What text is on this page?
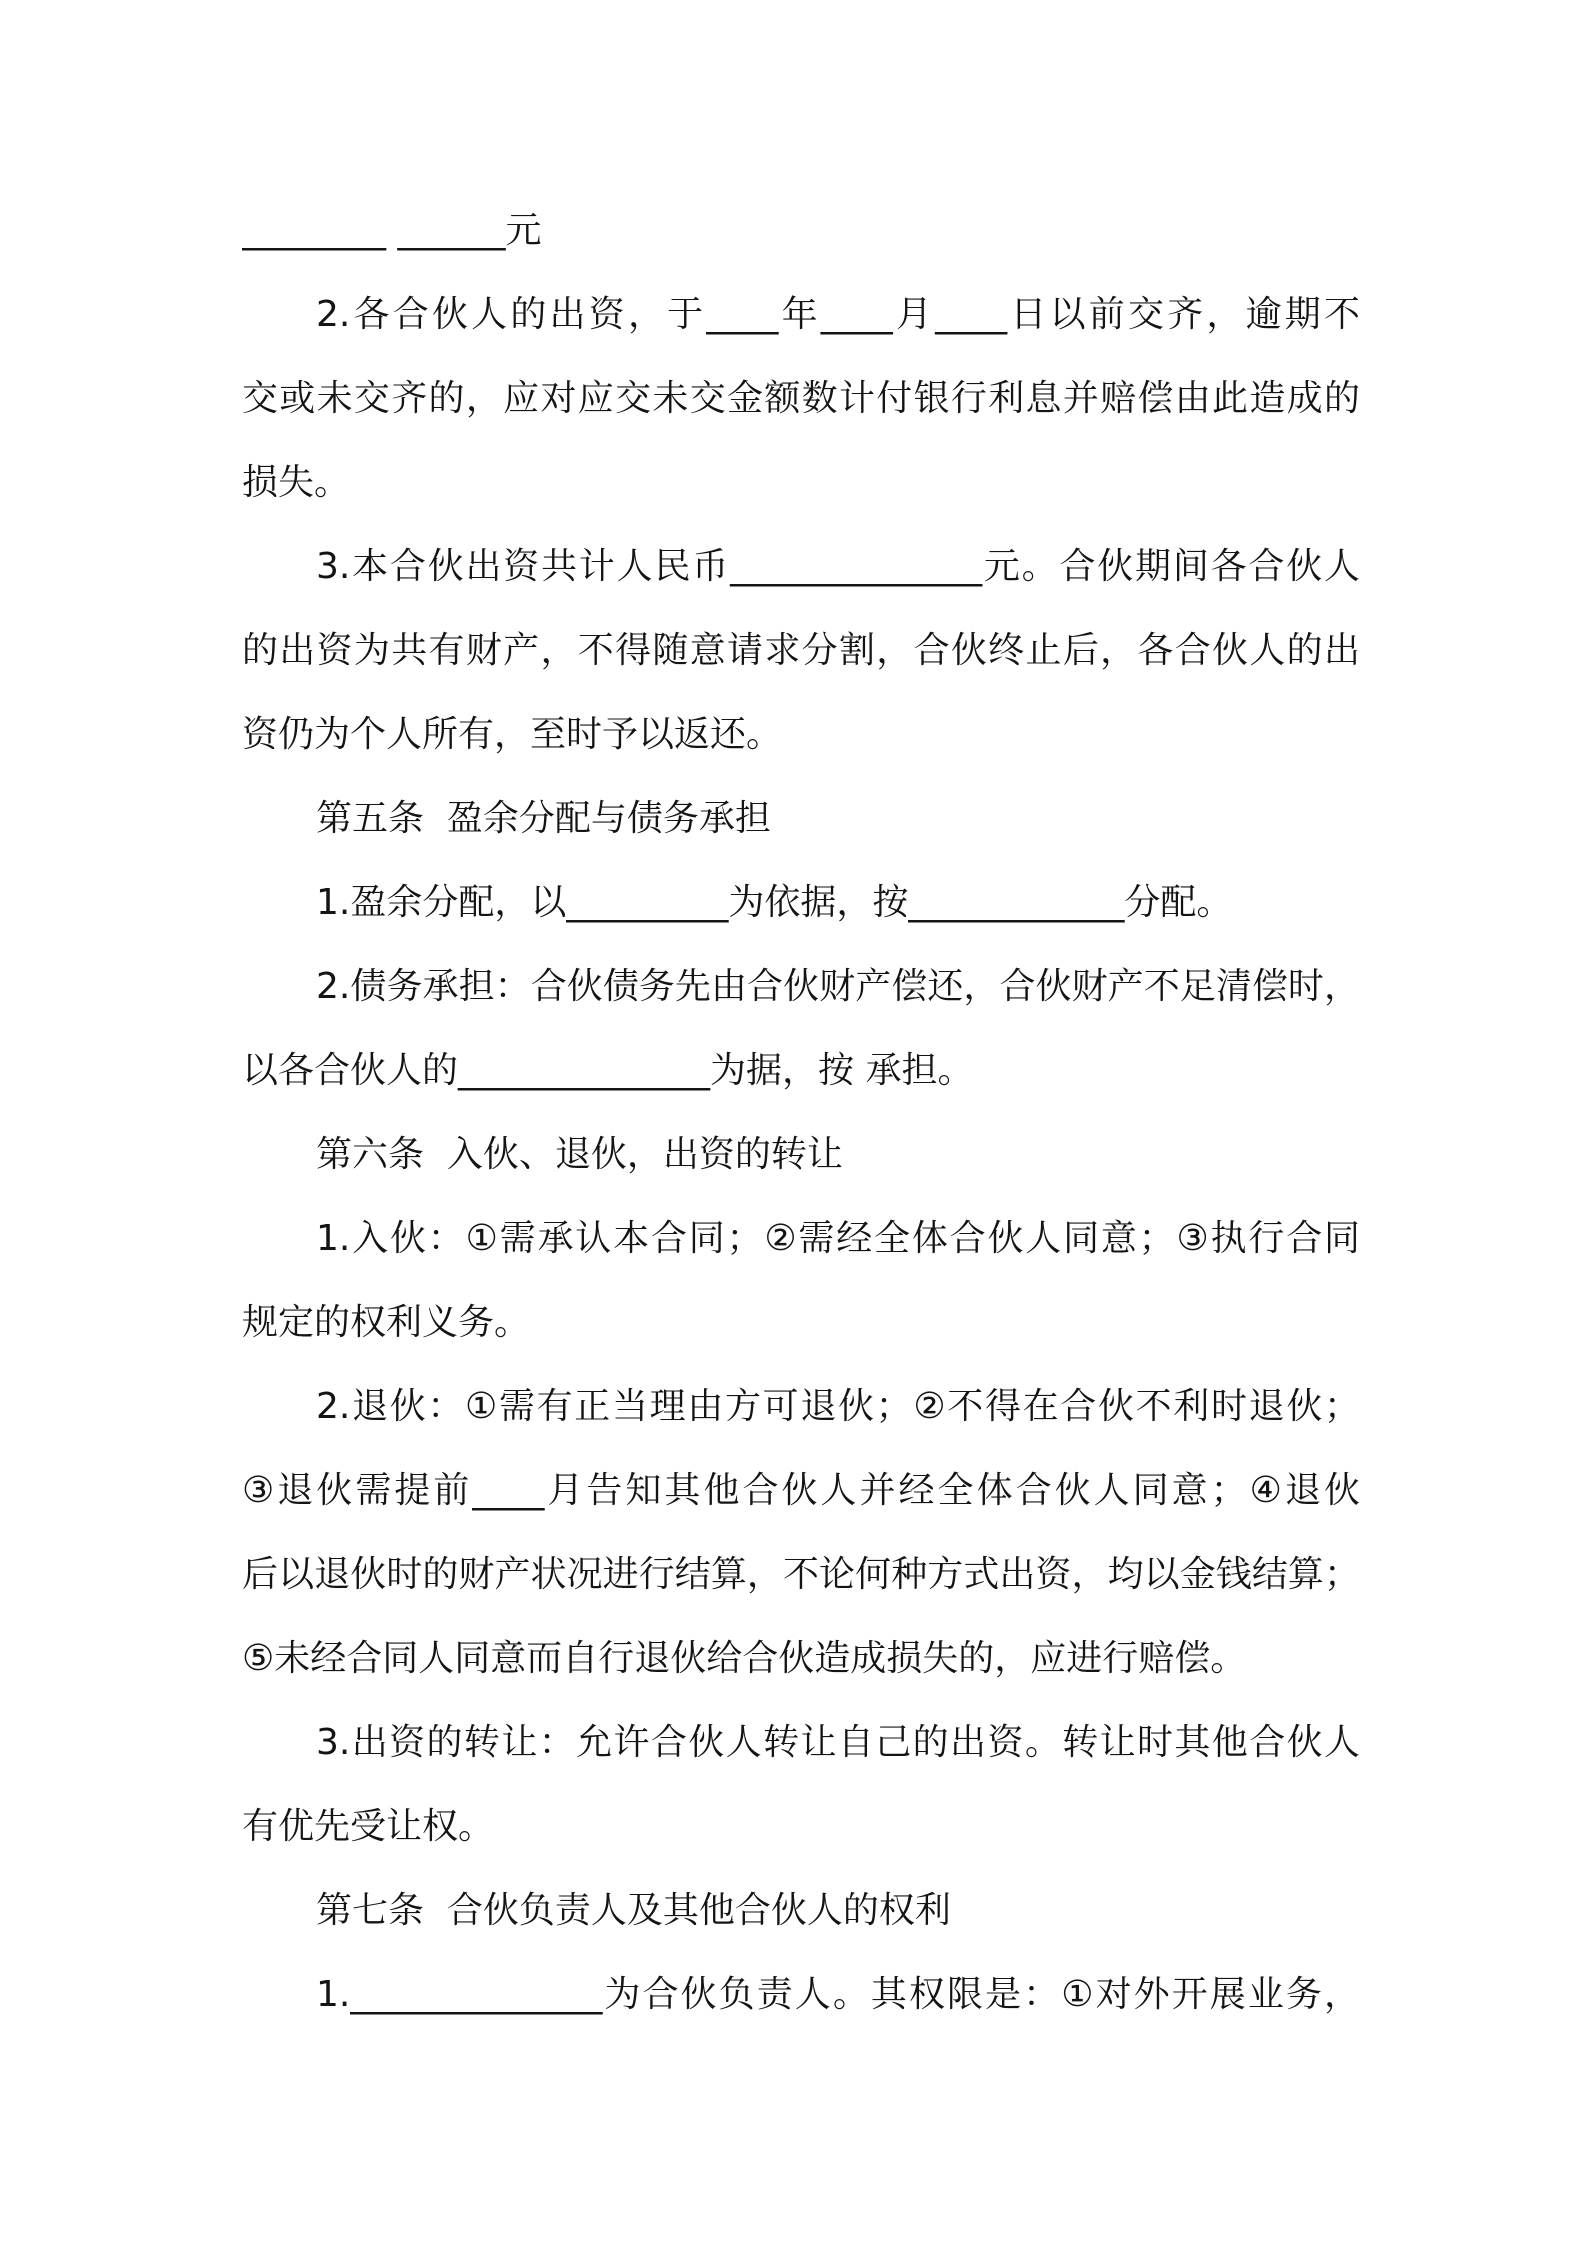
________ ______元
2.各合伙人的出资，于____年____月____日以前交齐，逾期不
交或未交齐的，应对应交未交金额数计付银行利息并赔偿由此造成的
损失。
3.本合伙出资共计人民币______________元。合伙期间各合伙人
的出资为共有财产，不得随意请求分割，合伙终止后，各合伙人的出
资仍为个人所有，至时予以返还。
第五条  盈余分配与债务承担
1.盈余分配，以_________为依据，按____________分配。
2.债务承担：合伙债务先由合伙财产偿还，合伙财产不足清偿时，
以各合伙人的______________为据，按 承担。
第六条  入伙、退伙，出资的转让
1.入伙：①需承认本合同；②需经全体合伙人同意；③执行合同
规定的权利义务。
2.退伙：①需有正当理由方可退伙；②不得在合伙不利时退伙；
③退伙需提前____月告知其他合伙人并经全体合伙人同意；④退伙
后以退伙时的财产状况进行结算，不论何种方式出资，均以金钱结算；
⑤未经合同人同意而自行退伙给合伙造成损失的，应进行赔偿。
3.出资的转让：允许合伙人转让自己的出资。转让时其他合伙人
有优先受让权。
第七条  合伙负责人及其他合伙人的权利
1.______________为合伙负责人。其权限是：①对外开展业务，
